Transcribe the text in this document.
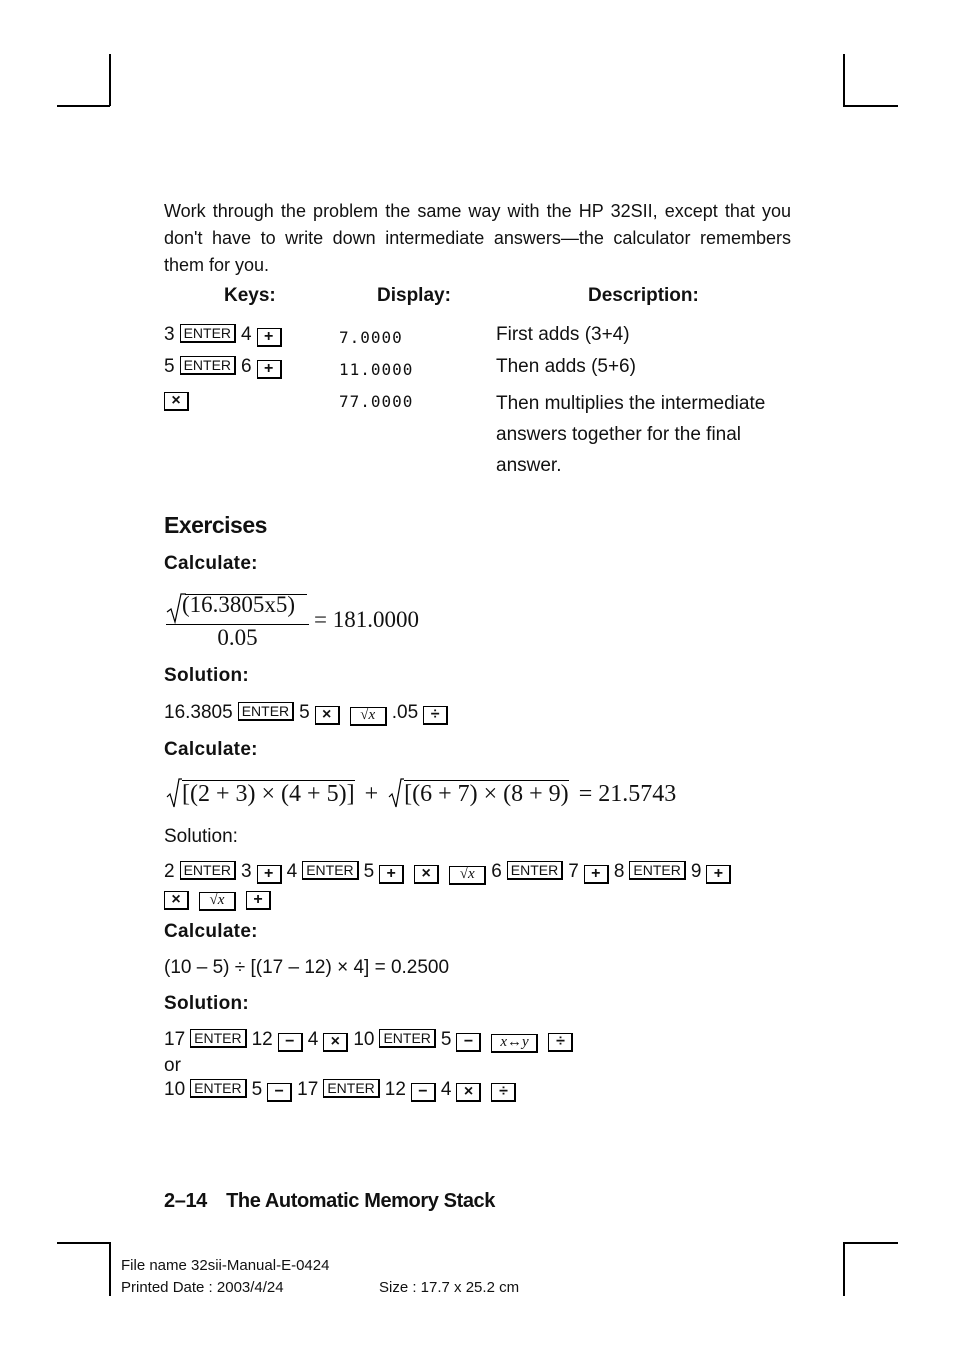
Work through the problem the same way with the HP 32SII, except that you don't have to write down intermediate answers—the calculator remembers them for you.
Keys:	Display:	Description:
3 ENTER 4 +	7.0000	First adds (3+4)
5 ENTER 6 +	11.0000	Then adds (5+6)
×	77.0000	Then multiplies the intermediate answers together for the final answer.
Exercises
Calculate:
(16.3805x5)
0.05
= 181.0000
Solution:
16.3805 ENTER 5 × √x .05 ÷
Calculate:
[(2 + 3) × (4 + 5)] + [(6 + 7) × (8 + 9) = 21.5743
Solution:
2 ENTER 3 + 4 ENTER 5 + × √x 6 ENTER 7 + 8 ENTER 9 +
× √x +
Calculate:
(10 – 5) ÷ [(17 – 12) × 4] = 0.2500
Solution:
17 ENTER 12 − 4 × 10 ENTER 5 − x↔y ÷
or
10 ENTER 5 − 17 ENTER 12 − 4 × ÷
2–14 The Automatic Memory Stack
File name 32sii-Manual-E-0424
Printed Date : 2003/4/24	Size : 17.7 x 25.2 cm
